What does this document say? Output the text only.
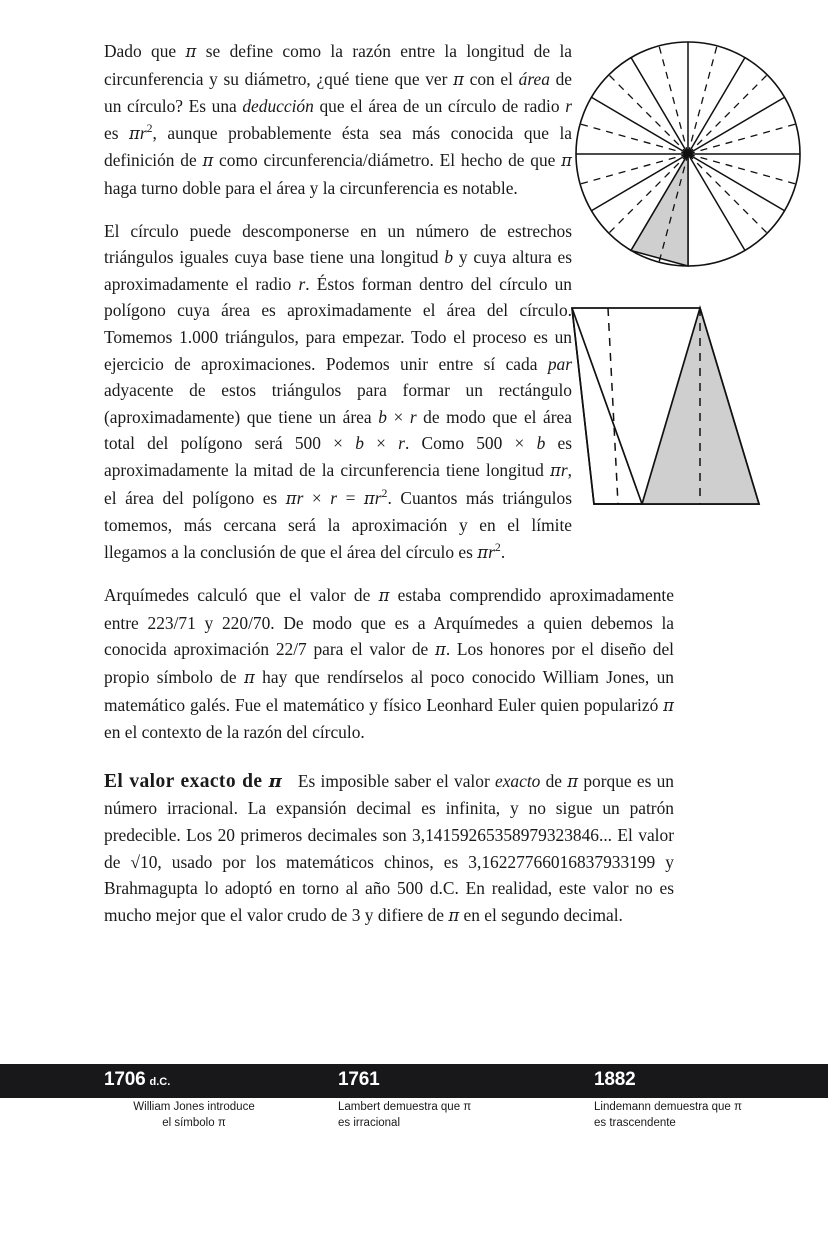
Dado que π se define como la razón entre la longitud de la circunferencia y su diámetro, ¿qué tiene que ver π con el área de un círculo? Es una deducción que el área de un círculo de radio r es $\pi r^2$, aunque probablemente ésta sea más conocida que la definición de π como circunferencia/diámetro. El hecho de que π haga turno doble para el área y la circunferencia es notable.

El círculo puede descomponerse en un número de estrechos triángulos iguales cuya base tiene una longitud b y cuya altura es aproximadamente el radio r. Éstos forman dentro del círculo un polígono cuya área es aproximadamente el área del círculo. Tomemos 1.000 triángulos, para empezar. Todo el proceso es un ejercicio de aproximaciones. Podemos unir entre sí cada par adyacente de estos triángulos para formar un rectángulo (aproximadamente) que tiene un área b × r de modo que el área total del polígono será 500 × b × r. Como 500 × b es aproximadamente la mitad de la circunferencia tiene longitud πr, el área del polígono es $\pi r \times r = \pi r^2$. Cuantos más triángulos tomemos, más cercana será la aproximación y en el límite llegamos a la conclusión de que el área del círculo es $\pi r^2$.

Arquímedes calculó que el valor de π estaba comprendido aproximadamente entre 223/71 y 220/70. De modo que es a Arquímedes a quien debemos la conocida aproximación 22/7 para el valor de π. Los honores por el diseño del propio símbolo de π hay que rendírselos al poco conocido William Jones, un matemático galés. Fue el matemático y físico Leonhard Euler quien popularizó π en el contexto de la razón del círculo.

El valor exacto de π   Es imposible saber el valor exacto de π porque es un número irracional. La expansión decimal es infinita, y no sigue un patrón predecible. Los 20 primeros decimales son 3,14159265358979323846... El valor de √10, usado por los matemáticos chinos, es 3,16227766016837933199 y Brahmagupta lo adoptó en torno al año 500 d.C. En realidad, este valor no es mucho mejor que el valor crudo de 3 y difiere de π en el segundo decimal.

1706 d.C.	1761	1882
William Jones introduce
el símbolo π
Lambert demuestra que π
es irracional
Lindemann demuestra que π
es trascendente
